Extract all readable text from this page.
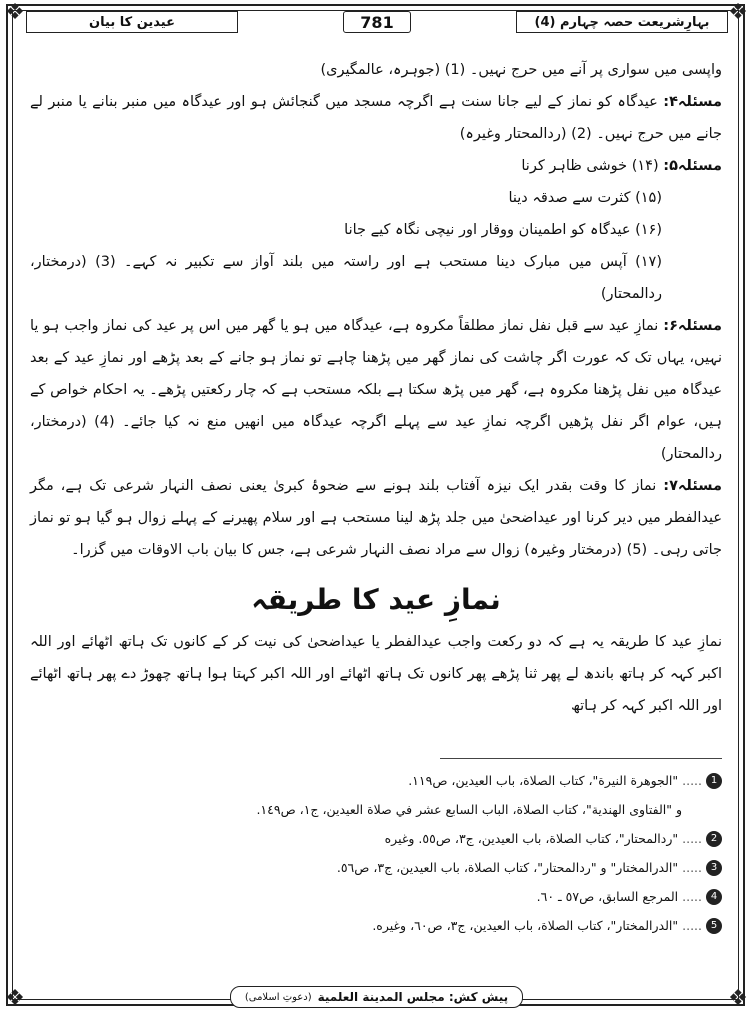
❖	❖
❖	❖
عیدین کا بیان	781	بہارِشریعت حصہ چہارم (4)

واپسی میں سواری پر آنے میں حرج نہیں۔ (1) (جوہرہ، عالمگیری)

مسئلہ۴: عیدگاہ کو نماز کے لیے جانا سنت ہے اگرچہ مسجد میں گنجائش ہو اور عیدگاہ میں منبر بنانے یا منبر لے جانے میں حرج نہیں۔ (2) (ردالمحتار وغیرہ)

مسئلہ۵: (۱۴) خوشی ظاہر کرنا

(۱۵) کثرت سے صدقہ دینا

(۱۶) عیدگاہ کو اطمینان ووقار اور نیچی نگاہ کیے جانا

(۱۷) آپس میں مبارک دینا مستحب ہے اور راستہ میں بلند آواز سے تکبیر نہ کہے۔ (3) (درمختار، ردالمحتار)

مسئلہ۶: نمازِ عید سے قبل نفل نماز مطلقاً مکروہ ہے، عیدگاہ میں ہو یا گھر میں اس پر عید کی نماز واجب ہو یا نہیں، یہاں تک کہ عورت اگر چاشت کی نماز گھر میں پڑھنا چاہے تو نماز ہو جانے کے بعد پڑھے اور نمازِ عید کے بعد عیدگاہ میں نفل پڑھنا مکروہ ہے، گھر میں پڑھ سکتا ہے بلکہ مستحب ہے کہ چار رکعتیں پڑھے۔ یہ احکام خواص کے ہیں، عوام اگر نفل پڑھیں اگرچہ نمازِ عید سے پہلے اگرچہ عیدگاہ میں انھیں منع نہ کیا جائے۔ (4) (درمختار، ردالمحتار)

مسئلہ۷: نماز کا وقت بقدر ایک نیزہ آفتاب بلند ہونے سے ضحوۂ کبریٰ یعنی نصف النہار شرعی تک ہے، مگر عیدالفطر میں دیر کرنا اور عیداضحیٰ میں جلد پڑھ لینا مستحب ہے اور سلام پھیرنے کے پہلے زوال ہو گیا ہو تو نماز جاتی رہی۔ (5) (درمختار وغیرہ) زوال سے مراد نصف النہار شرعی ہے، جس کا بیان باب الاوقات میں گزرا۔

نمازِ عید کا طریقہ

نمازِ عید کا طریقہ یہ ہے کہ دو رکعت واجب عیدالفطر یا عیداضحیٰ کی نیت کر کے کانوں تک ہاتھ اٹھائے اور اللہ اکبر کہہ کر ہاتھ باندھ لے پھر ثنا پڑھے پھر کانوں تک ہاتھ اٹھائے اور اللہ اکبر کہتا ہوا ہاتھ چھوڑ دے پھر ہاتھ اٹھائے اور اللہ اکبر کہہ کر ہاتھ

1
.....
"الجوهرة النيرة"، كتاب الصلاة، باب العيدين، ص١١٩.
و "الفتاوى الهندية"، كتاب الصلاة، الباب السابع عشر في صلاة العيدين، ج١، ص١٤٩.
2
.....
"ردالمحتار"، كتاب الصلاة، باب العيدين، ج٣، ص٥٥. وغيره
3
.....
"الدرالمختار" و "ردالمحتار"، كتاب الصلاة، باب العيدين، ج٣، ص٥٦.
4
.....
المرجع السابق، ص٥٧ ـ ٦٠.
5
.....
"الدرالمختار"، كتاب الصلاة، باب العيدين، ج٣، ص٦٠، وغيره.
پیش کش: مجلس المدينة العلمية
(دعوتِ اسلامی)
